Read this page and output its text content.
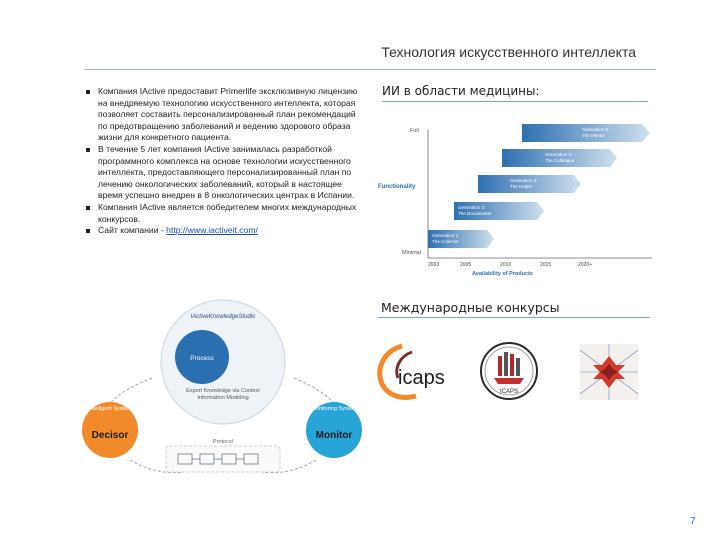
Технология искусственного интеллекта
Компания IActive предоставит Primerlife эксклюзивную лицензию на внедряемую технологию искусственного интеллекта, которая позволяет составить персонализированный план рекомендаций по предотвращению заболеваний и ведению здорового образа жизни для конкретного пациента.
В течение 5 лет компания IActive занималась разработкой программного комплекса на основе технологии искусственного интеллекта, предоставляющего персонализированный план по лечению онкологических заболеваний, который в настоящее время успешно внедрен в 8 онкологических центрах в Испании.
Компания IActive является победителем многих международных конкурсов.
Сайт компании - http://www.iactiveit.com/
ИИ в области медицины:
Full
Functionality
Minimal
Generation 1:
The Collector
Generation 2:
The Documenter
Generation 3:
The Helper
Generation 4:
The Colleague
Generation 5:
The Mentor
2003	2005	2010	2015	2020+
Availability of Products
Международные конкурсы
icaps
ICAPS
IActiveKnowledgeStudio
Process
Export Knowledge via Context Information Modeling
Intelligent System
Decisor
Monitoring System
Monitor
Protocol
7
